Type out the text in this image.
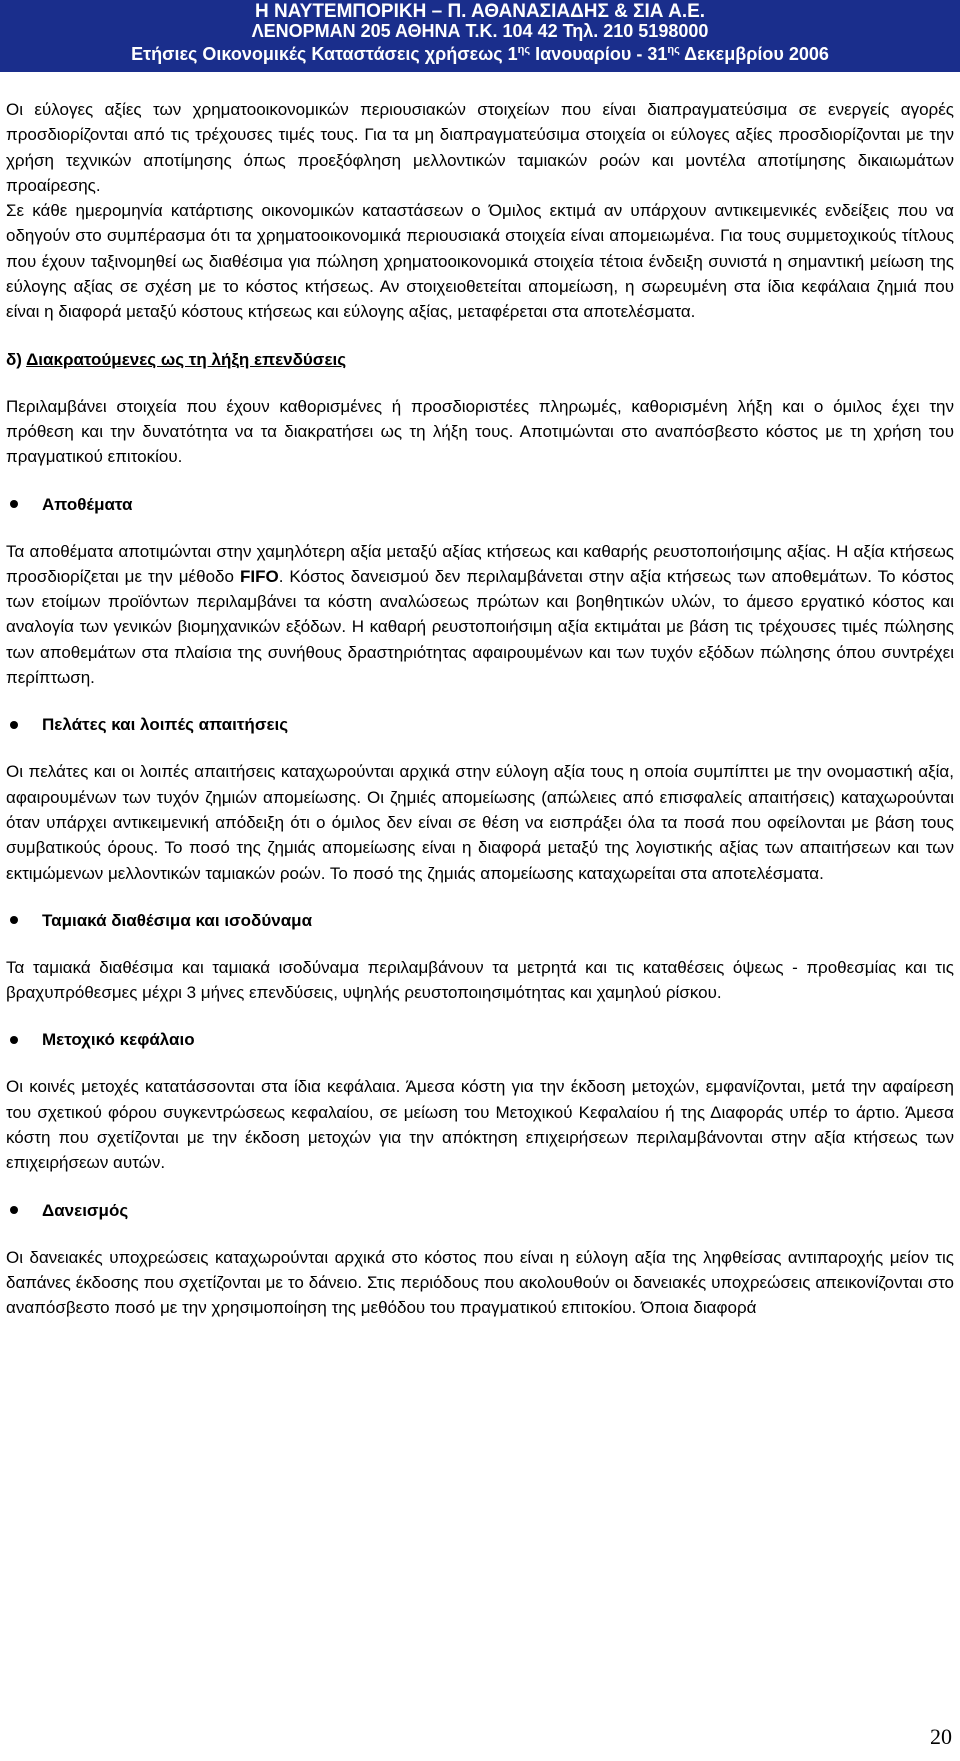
Η ΝΑΥΤΕΜΠΟΡΙΚΗ – Π. ΑΘΑΝΑΣΙΑΔΗΣ & ΣΙΑ Α.Ε.
ΛΕΝΟΡΜΑΝ 205 ΑΘΗΝΑ Τ.Κ. 104 42 Τηλ. 210 5198000
Ετήσιες Οικονομικές Καταστάσεις χρήσεως $1^{\eta\varsigma}$ Ιανουαρίου - $31^{\eta\varsigma}$ Δεκεμβρίου 2006

Οι εύλογες αξίες των χρηματοοικονομικών περιουσιακών στοιχείων που είναι διαπραγματεύσιμα σε ενεργείς αγορές προσδιορίζονται από τις τρέχουσες τιμές τους. Για τα μη διαπραγματεύσιμα στοιχεία οι εύλογες αξίες προσδιορίζονται με την χρήση τεχνικών αποτίμησης όπως προεξόφληση μελλοντικών ταμιακών ροών και μοντέλα αποτίμησης δικαιωμάτων προαίρεσης.

Σε κάθε ημερομηνία κατάρτισης οικονομικών καταστάσεων ο Όμιλος εκτιμά αν υπάρχουν αντικειμενικές ενδείξεις που να οδηγούν στο συμπέρασμα ότι τα χρηματοοικονομικά περιουσιακά στοιχεία είναι απομειωμένα. Για τους συμμετοχικούς τίτλους που έχουν ταξινομηθεί ως διαθέσιμα για πώληση χρηματοοικονομικά στοιχεία τέτοια ένδειξη συνιστά η σημαντική μείωση της εύλογης αξίας σε σχέση με το κόστος κτήσεως. Αν στοιχειοθετείται απομείωση, η σωρευμένη στα ίδια κεφάλαια ζημιά που είναι η διαφορά μεταξύ κόστους κτήσεως και εύλογης αξίας, μεταφέρεται στα αποτελέσματα.

δ) Διακρατούμενες ως τη λήξη επενδύσεις

Περιλαμβάνει στοιχεία που έχουν καθορισμένες ή προσδιοριστέες πληρωμές, καθορισμένη λήξη και ο όμιλος έχει την πρόθεση και την δυνατότητα να τα διακρατήσει ως τη λήξη τους. Αποτιμώνται στο αναπόσβεστο κόστος με τη χρήση του πραγματικού επιτοκίου.

Αποθέματα

Τα αποθέματα αποτιμώνται στην χαμηλότερη αξία μεταξύ αξίας κτήσεως και καθαρής ρευστοποιήσιμης αξίας. Η αξία κτήσεως προσδιορίζεται με την μέθοδο FIFO. Κόστος δανεισμού δεν περιλαμβάνεται στην αξία κτήσεως των αποθεμάτων. Το κόστος των ετοίμων προϊόντων περιλαμβάνει τα κόστη αναλώσεως πρώτων και βοηθητικών υλών, το άμεσο εργατικό κόστος και αναλογία των γενικών βιομηχανικών εξόδων. Η καθαρή ρευστοποιήσιμη αξία εκτιμάται με βάση τις τρέχουσες τιμές πώλησης των αποθεμάτων στα πλαίσια της συνήθους δραστηριότητας αφαιρουμένων και των τυχόν εξόδων πώλησης όπου συντρέχει περίπτωση.

Πελάτες και λοιπές απαιτήσεις

Οι πελάτες και οι λοιπές απαιτήσεις καταχωρούνται αρχικά στην εύλογη αξία τους η οποία συμπίπτει με την ονομαστική αξία, αφαιρουμένων των τυχόν ζημιών απομείωσης. Οι ζημιές απομείωσης (απώλειες από επισφαλείς απαιτήσεις) καταχωρούνται όταν υπάρχει αντικειμενική απόδειξη ότι ο όμιλος δεν είναι σε θέση να εισπράξει όλα τα ποσά που οφείλονται με βάση τους συμβατικούς όρους. Το ποσό της ζημιάς απομείωσης είναι η διαφορά μεταξύ της λογιστικής αξίας των απαιτήσεων και των εκτιμώμενων μελλοντικών ταμιακών ροών. Το ποσό της ζημιάς απομείωσης καταχωρείται στα αποτελέσματα.

Ταμιακά διαθέσιμα και ισοδύναμα

Τα ταμιακά διαθέσιμα και ταμιακά ισοδύναμα περιλαμβάνουν τα μετρητά και τις καταθέσεις όψεως - προθεσμίας και τις βραχυπρόθεσμες μέχρι 3 μήνες επενδύσεις, υψηλής ρευστοποιησιμότητας και χαμηλού ρίσκου.

Μετοχικό κεφάλαιο

Οι κοινές μετοχές κατατάσσονται στα ίδια κεφάλαια. Άμεσα κόστη για την έκδοση μετοχών, εμφανίζονται, μετά την αφαίρεση του σχετικού φόρου συγκεντρώσεως κεφαλαίου, σε μείωση του Μετοχικού Κεφαλαίου ή της Διαφοράς υπέρ το άρτιο. Άμεσα κόστη που σχετίζονται με την έκδοση μετοχών για την απόκτηση επιχειρήσεων περιλαμβάνονται στην αξία κτήσεως των επιχειρήσεων αυτών.

Δανεισμός

Οι δανειακές υποχρεώσεις καταχωρούνται αρχικά στο κόστος που είναι η εύλογη αξία της ληφθείσας αντιπαροχής μείον τις δαπάνες έκδοσης που σχετίζονται με το δάνειο. Στις περιόδους που ακολουθούν οι δανειακές υποχρεώσεις απεικονίζονται στο αναπόσβεστο ποσό με την χρησιμοποίηση της μεθόδου του πραγματικού επιτοκίου. Όποια διαφορά

20
